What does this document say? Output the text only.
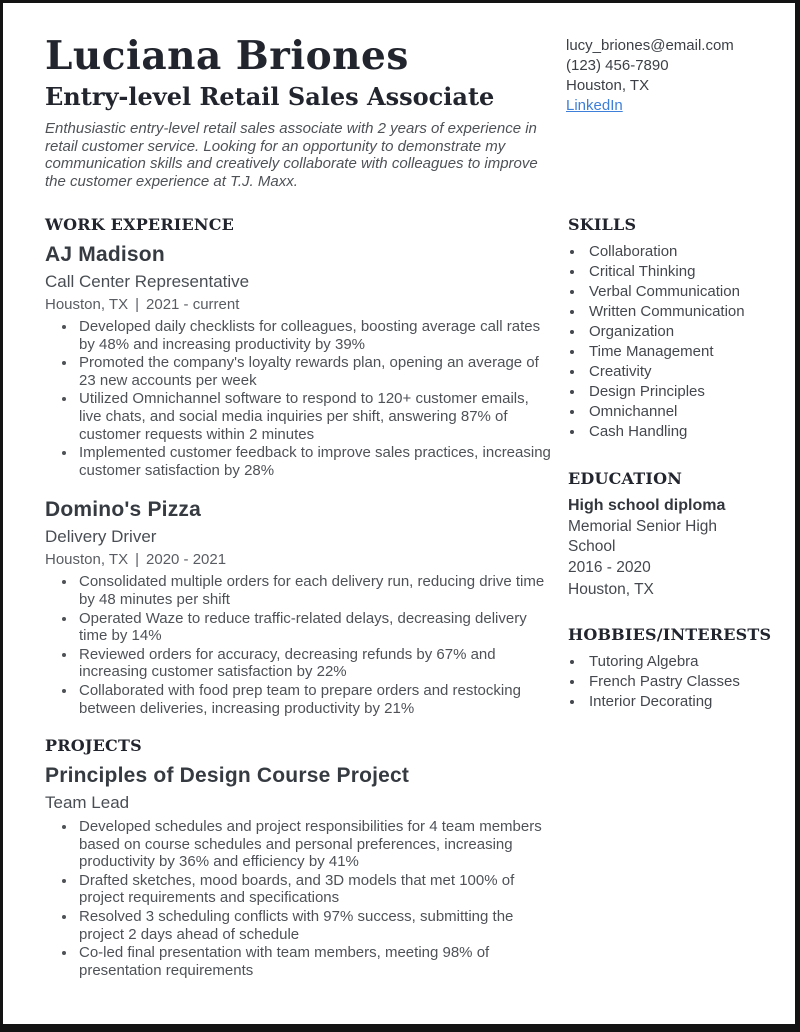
Luciana Briones
Entry-level Retail Sales Associate
Enthusiastic entry-level retail sales associate with 2 years of experience in retail customer service. Looking for an opportunity to demonstrate my communication skills and creatively collaborate with colleagues to improve the customer experience at T.J. Maxx.
lucy_briones@email.com
(123) 456-7890
Houston, TX
LinkedIn
WORK EXPERIENCE
AJ Madison
Call Center Representative
Houston, TX | 2021 - current
• Developed daily checklists for colleagues, boosting average call rates by 48% and increasing productivity by 39%
• Promoted the company's loyalty rewards plan, opening an average of 23 new accounts per week
• Utilized Omnichannel software to respond to 120+ customer emails, live chats, and social media inquiries per shift, answering 87% of customer requests within 2 minutes
• Implemented customer feedback to improve sales practices, increasing customer satisfaction by 28%
Domino's Pizza
Delivery Driver
Houston, TX | 2020 - 2021
• Consolidated multiple orders for each delivery run, reducing drive time by 48 minutes per shift
• Operated Waze to reduce traffic-related delays, decreasing delivery time by 14%
• Reviewed orders for accuracy, decreasing refunds by 67% and increasing customer satisfaction by 22%
• Collaborated with food prep team to prepare orders and restocking between deliveries, increasing productivity by 21%
PROJECTS
Principles of Design Course Project
Team Lead
• Developed schedules and project responsibilities for 4 team members based on course schedules and personal preferences, increasing productivity by 36% and efficiency by 41%
• Drafted sketches, mood boards, and 3D models that met 100% of project requirements and specifications
• Resolved 3 scheduling conflicts with 97% success, submitting the project 2 days ahead of schedule
• Co-led final presentation with team members, meeting 98% of presentation requirements
SKILLS
• Collaboration
• Critical Thinking
• Verbal Communication
• Written Communication
• Organization
• Time Management
• Creativity
• Design Principles
• Omnichannel
• Cash Handling
EDUCATION
High school diploma
Memorial Senior High School
2016 - 2020
Houston, TX
HOBBIES/INTERESTS
• Tutoring Algebra
• French Pastry Classes
• Interior Decorating
